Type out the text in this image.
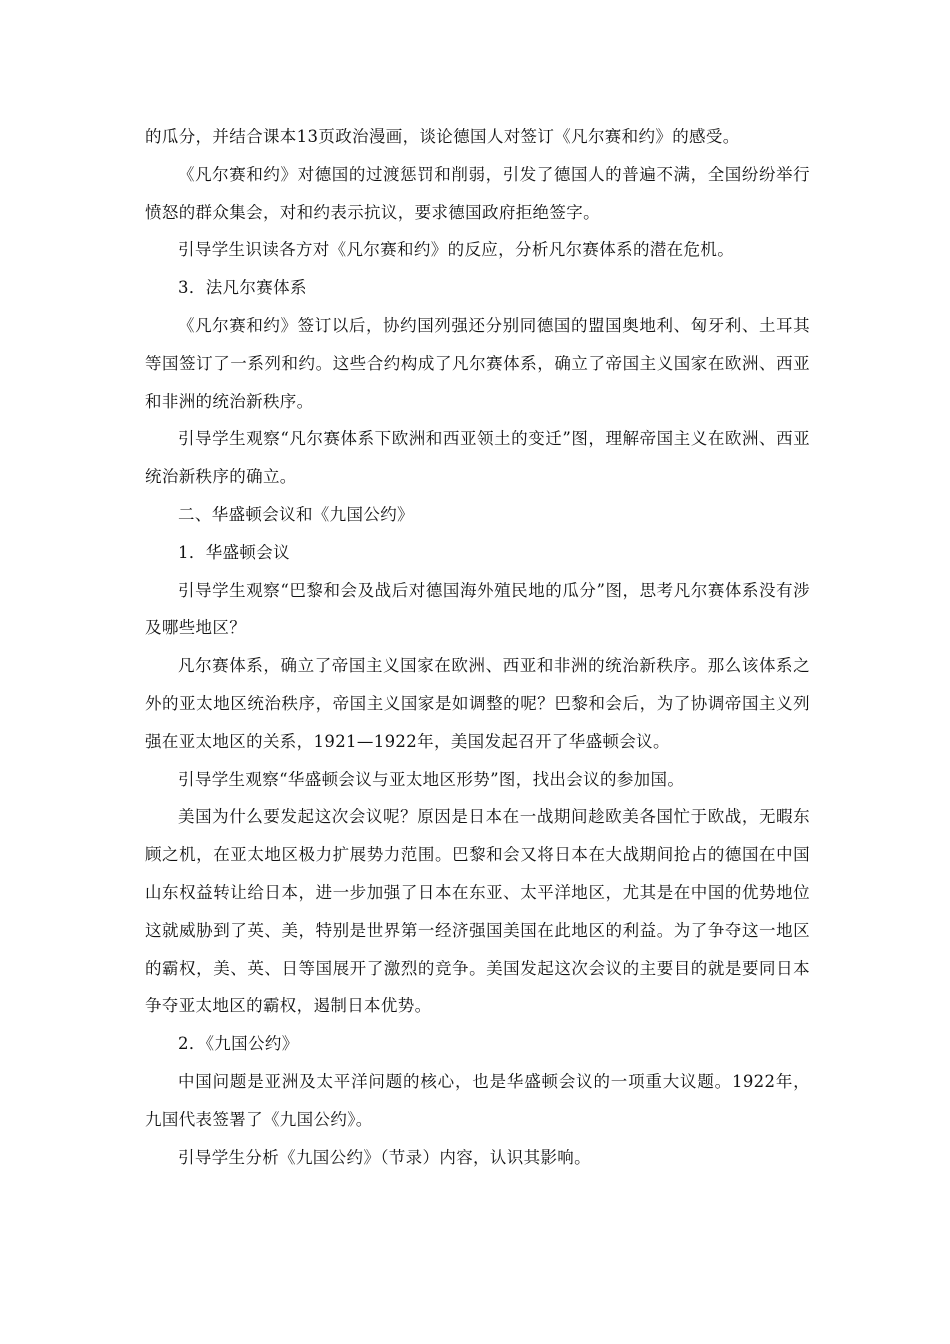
的瓜分，并结合课本13页政治漫画，谈论德国人对签订《凡尔赛和约》的感受。

《凡尔赛和约》对德国的过渡惩罚和削弱，引发了德国人的普遍不满，全国纷纷举行愤怒的群众集会，对和约表示抗议，要求德国政府拒绝签字。

引导学生识读各方对《凡尔赛和约》的反应，分析凡尔赛体系的潜在危机。

3．法凡尔赛体系

《凡尔赛和约》签订以后，协约国列强还分别同德国的盟国奥地利、匈牙利、土耳其等国签订了一系列和约。这些合约构成了凡尔赛体系，确立了帝国主义国家在欧洲、西亚和非洲的统治新秩序。

引导学生观察“凡尔赛体系下欧洲和西亚领土的变迁”图，理解帝国主义在欧洲、西亚统治新秩序的确立。

二、华盛顿会议和《九国公约》

1．华盛顿会议

引导学生观察“巴黎和会及战后对德国海外殖民地的瓜分”图，思考凡尔赛体系没有涉及哪些地区？

凡尔赛体系，确立了帝国主义国家在欧洲、西亚和非洲的统治新秩序。那么该体系之外的亚太地区统治秩序，帝国主义国家是如调整的呢？巴黎和会后，为了协调帝国主义列强在亚太地区的关系，1921—1922年，美国发起召开了华盛顿会议。

引导学生观察“华盛顿会议与亚太地区形势”图，找出会议的参加国。

美国为什么要发起这次会议呢？原因是日本在一战期间趁欧美各国忙于欧战，无暇东顾之机，在亚太地区极力扩展势力范围。巴黎和会又将日本在大战期间抢占的德国在中国山东权益转让给日本，进一步加强了日本在东亚、太平洋地区，尤其是在中国的优势地位这就威胁到了英、美，特别是世界第一经济强国美国在此地区的利益。为了争夺这一地区的霸权，美、英、日等国展开了激烈的竞争。美国发起这次会议的主要目的就是要同日本争夺亚太地区的霸权，遏制日本优势。

2．《九国公约》

中国问题是亚洲及太平洋问题的核心，也是华盛顿会议的一项重大议题。1922年，九国代表签署了《九国公约》。

引导学生分析《九国公约》（节录）内容，认识其影响。
